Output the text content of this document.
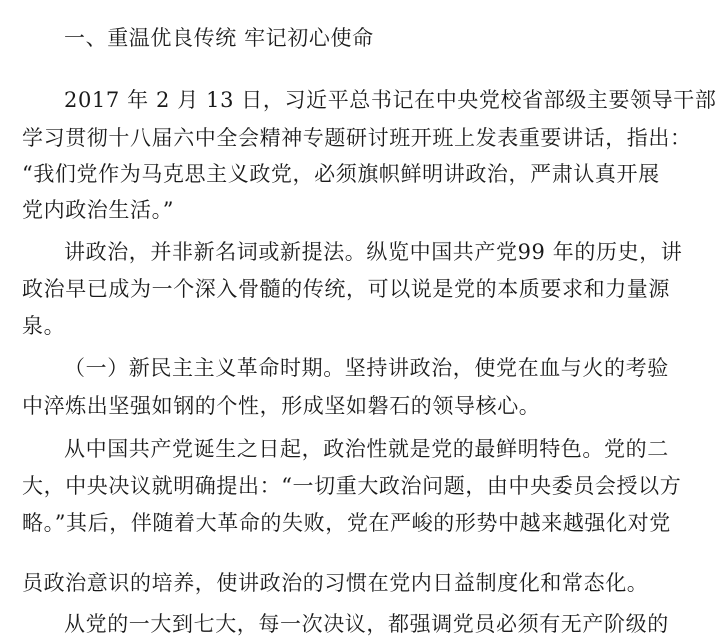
一、重温优良传统 牢记初心使命
2017 年 2 月 13 日，习近平总书记在中央党校省部级主要领导干部
学习贯彻十八届六中全会精神专题研讨班开班上发表重要讲话，指出：
“我们党作为马克思主义政党，必须旗帜鲜明讲政治，严肃认真开展
党内政治生活。”
讲政治，并非新名词或新提法。纵览中国共产党99 年的历史，讲
政治早已成为一个深入骨髓的传统，可以说是党的本质要求和力量源
泉。
（一）新民主主义革命时期。坚持讲政治，使党在血与火的考验
中淬炼出坚强如钢的个性，形成坚如磐石的领导核心。
从中国共产党诞生之日起，政治性就是党的最鲜明特色。党的二
大，中央决议就明确提出：“一切重大政治问题，由中央委员会授以方
略。”其后，伴随着大革命的失败，党在严峻的形势中越来越强化对党
员政治意识的培养，使讲政治的习惯在党内日益制度化和常态化。
从党的一大到七大，每一次决议，都强调党员必须有无产阶级的
